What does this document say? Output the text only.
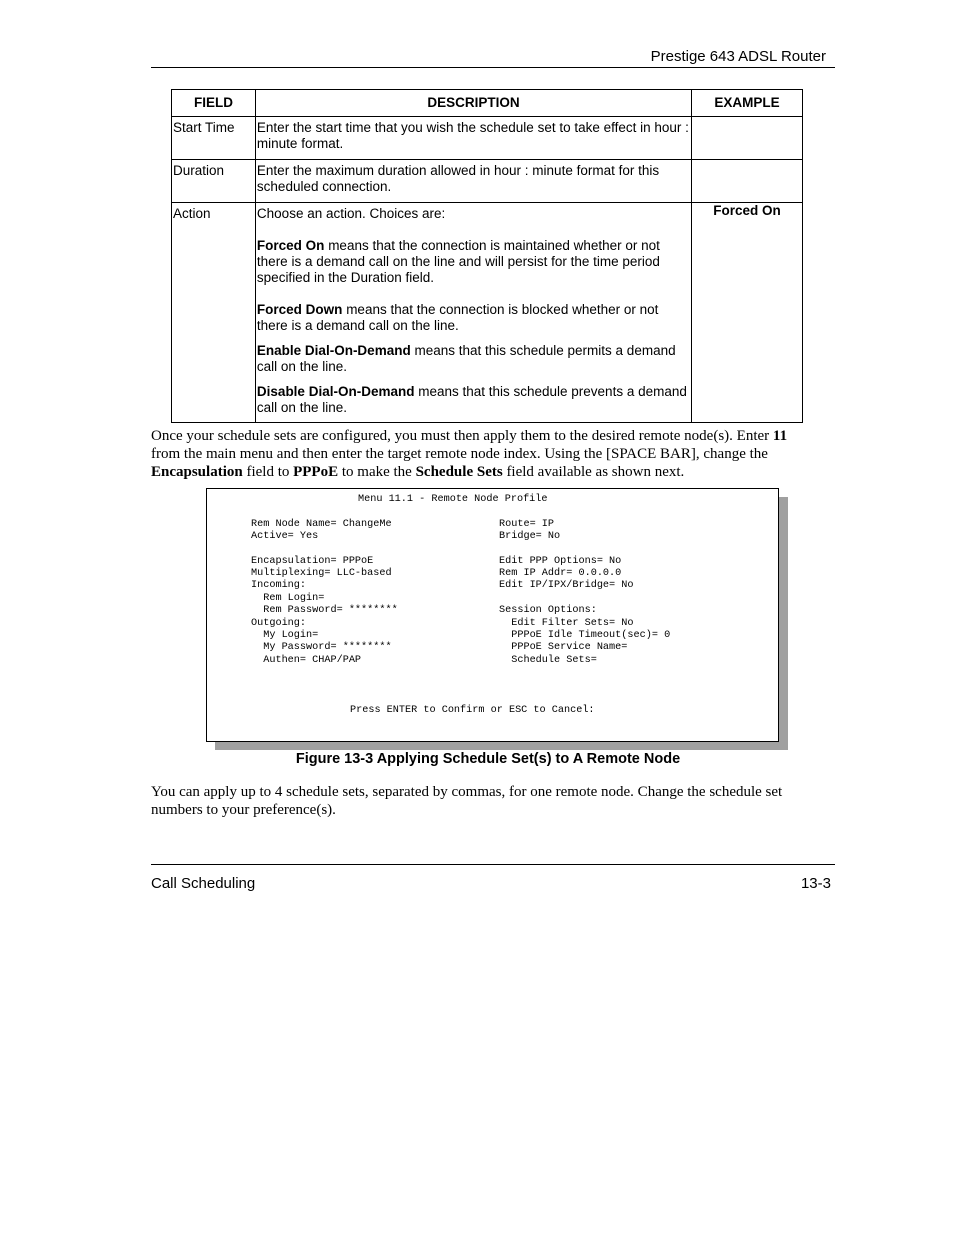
Prestige 643 ADSL Router
FIELD	DESCRIPTION	EXAMPLE
Start Time	Enter the start time that you wish the schedule set to take effect in hour : minute format.	
Duration	Enter the maximum duration allowed in hour : minute format for this scheduled connection.	
Action	Choose an action. Choices are:

Forced On means that the connection is maintained whether or not there is a demand call on the line and will persist for the time period specified in the Duration field.

Forced Down means that the connection is blocked whether or not there is a demand call on the line.

Enable Dial-On-Demand means that this schedule permits a demand call on the line.

Disable Dial-On-Demand means that this schedule prevents a demand call on the line.	Forced On

Once your schedule sets are configured, you must then apply them to the desired remote node(s). Enter 11 from the main menu and then enter the target remote node index. Using the [SPACE BAR], change the Encapsulation field to PPPoE to make the Schedule Sets field available as shown next.

Menu 11.1 - Remote Node Profile
Rem Node Name= ChangeMe
Active= Yes
Encapsulation= PPPoE
Multiplexing= LLC-based
Incoming:
Rem Login=
Rem Password= ********
Outgoing:
My Login=
My Password= ********
Authen= CHAP/PAP
Route= IP
Bridge= No
Edit PPP Options= No
Rem IP Addr= 0.0.0.0
Edit IP/IPX/Bridge= No
Session Options:
Edit Filter Sets= No
PPPoE Idle Timeout(sec)= 0
PPPoE Service Name=
Schedule Sets=
Press ENTER to Confirm or ESC to Cancel:
Figure 13-3 Applying Schedule Set(s) to A Remote Node

You can apply up to 4 schedule sets, separated by commas, for one remote node. Change the schedule set numbers to your preference(s).

Call Scheduling	13-3
